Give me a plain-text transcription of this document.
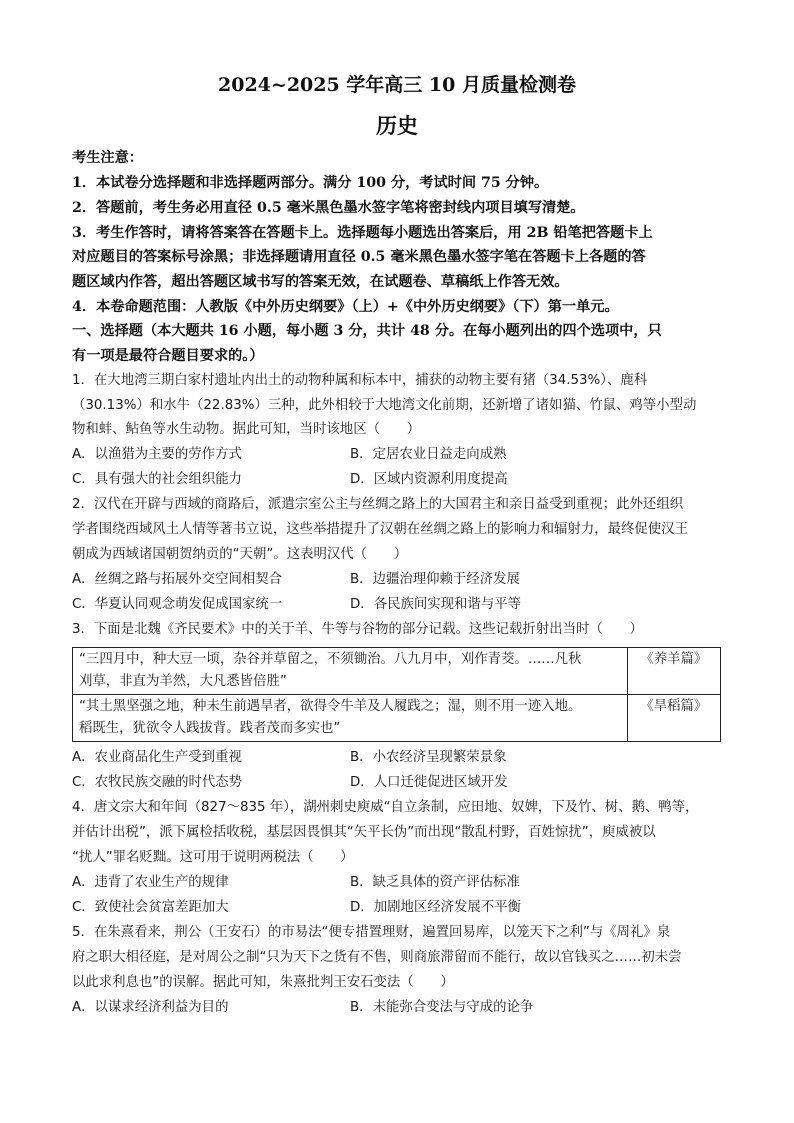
2024~2025 学年高三 10 月质量检测卷
历史
考生注意：
1．本试卷分选择题和非选择题两部分。满分 100 分，考试时间 75 分钟。
2．答题前，考生务必用直径 0.5 毫米黑色墨水签字笔将密封线内项目填写清楚。
3．考生作答时，请将答案答在答题卡上。选择题每小题选出答案后，用 2B 铅笔把答题卡上
对应题目的答案标号涂黑；非选择题请用直径 0.5 毫米黑色墨水签字笔在答题卡上各题的答
题区域内作答，超出答题区域书写的答案无效，在试题卷、草稿纸上作答无效。
4．本卷命题范围：人教版《中外历史纲要》（上）+《中外历史纲要》（下）第一单元。
一、选择题（本大题共 16 小题，每小题 3 分，共计 48 分。在每小题列出的四个选项中，只
有一项是最符合题目要求的。）
1．在大地湾三期白家村遗址内出土的动物种属和标本中，捕获的动物主要有猪（34.53%）、鹿科
（30.13%）和水牛（22.83%）三种，此外相较于大地湾文化前期，还新增了诸如猫、竹鼠、鸡等小型动
物和蚌、鲇鱼等水生动物。据此可知，当时该地区（　　）
A．以渔猎为主要的劳作方式	B．定居农业日益走向成熟
C．具有强大的社会组织能力	D．区域内资源利用度提高
2．汉代在开辟与西域的商路后，派遣宗室公主与丝绸之路上的大国君主和亲日益受到重视；此外还组织
学者围绕西域风土人情等著书立说，这些举措提升了汉朝在丝绸之路上的影响力和辐射力，最终促使汉王
朝成为西域诸国朝贺纳贡的“天朝”。这表明汉代（　　）
A．丝绸之路与拓展外交空间相契合	B．边疆治理仰赖于经济发展
C．华夏认同观念萌发促成国家统一	D．各民族间实现和谐与平等
3．下面是北魏《齐民要术》中的关于羊、牛等与谷物的部分记载。这些记载折射出当时（　　）
“三四月中，种大豆一顷，杂谷并草留之，不须锄治。八九月中，刈作青茭。……凡秋
刈草，非直为羊然，大凡悉皆倍胜”	《养羊篇》

“其土黑坚强之地，种未生前遇旱者，欲得令牛羊及人履践之；湿，则不用一迹入地。
稻既生，犹欲令人践拔背。践者茂而多实也”	《旱稻篇》
A．农业商品化生产受到重视	B．小农经济呈现繁荣景象
C．农牧民族交融的时代态势	D．人口迁徙促进区域开发
4．唐文宗大和年间（827～835 年），湖州刺史庾威“自立条制，应田地、奴婢，下及竹、树、鹅、鸭等，
并估计出税”，派下属检括收税，基层因畏惧其“矢平长伪”而出现“散乱村野，百姓惊扰”，庾威被以
“扰人”罪名贬黜。这可用于说明两税法（　　）
A．违背了农业生产的规律	B．缺乏具体的资产评估标准
C．致使社会贫富差距加大	D．加剧地区经济发展不平衡
5．在朱熹看来，荆公（王安石）的市易法“便专措置理财，遍置回易库，以笼天下之利”与《周礼》泉
府之职大相径庭，是对周公之制“只为天下之货有不售，则商旅滞留而不能行，故以官钱买之……初未尝
以此求利息也”的误解。据此可知，朱熹批判王安石变法（　　）
A．以谋求经济利益为目的	B．未能弥合变法与守成的论争
